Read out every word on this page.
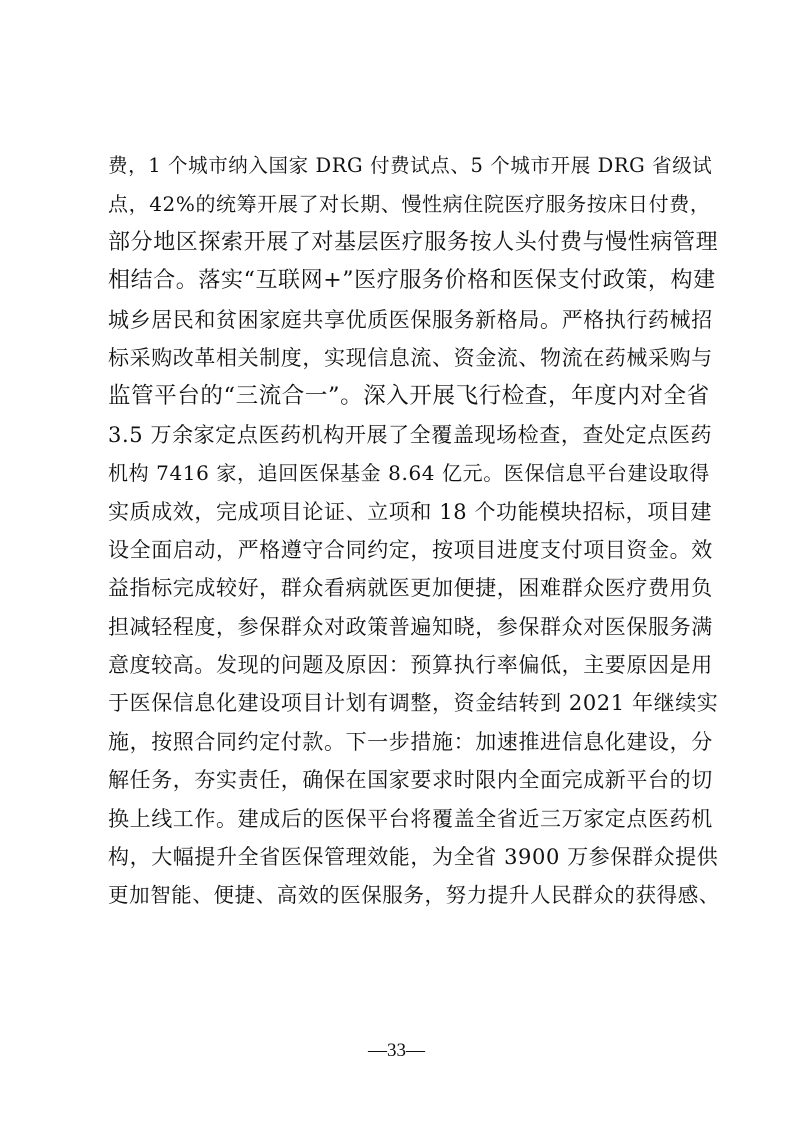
费，1 个城市纳入国家 DRG 付费试点、5 个城市开展 DRG 省级试
点，42%的统筹开展了对长期、慢性病住院医疗服务按床日付费，
部分地区探索开展了对基层医疗服务按人头付费与慢性病管理
相结合。落实“互联网+”医疗服务价格和医保支付政策，构建
城乡居民和贫困家庭共享优质医保服务新格局。严格执行药械招
标采购改革相关制度，实现信息流、资金流、物流在药械采购与
监管平台的“三流合一”。深入开展飞行检查，年度内对全省
3.5 万余家定点医药机构开展了全覆盖现场检查，查处定点医药
机构 7416 家，追回医保基金 8.64 亿元。医保信息平台建设取得
实质成效，完成项目论证、立项和 18 个功能模块招标，项目建
设全面启动，严格遵守合同约定，按项目进度支付项目资金。效
益指标完成较好，群众看病就医更加便捷，困难群众医疗费用负
担减轻程度，参保群众对政策普遍知晓，参保群众对医保服务满
意度较高。发现的问题及原因：预算执行率偏低，主要原因是用
于医保信息化建设项目计划有调整，资金结转到 2021 年继续实
施，按照合同约定付款。下一步措施：加速推进信息化建设，分
解任务，夯实责任，确保在国家要求时限内全面完成新平台的切
换上线工作。建成后的医保平台将覆盖全省近三万家定点医药机
构，大幅提升全省医保管理效能，为全省 3900 万参保群众提供
更加智能、便捷、高效的医保服务，努力提升人民群众的获得感、
—33—
